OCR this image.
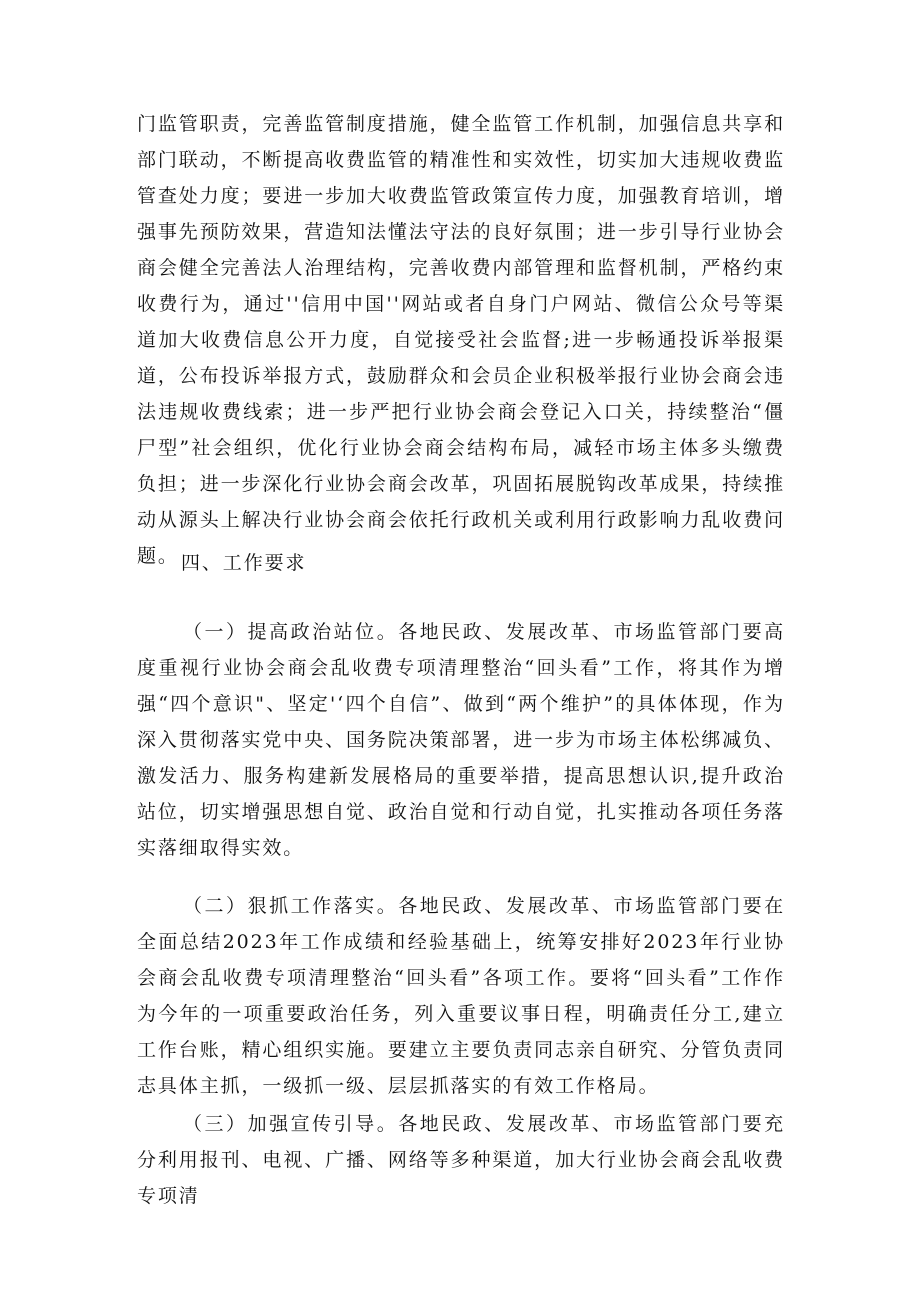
门监管职责，完善监管制度措施，健全监管工作机制，加强信息共享和部门联动，不断提高收费监管的精准性和实效性，切实加大违规收费监管查处力度；要进一步加大收费监管政策宣传力度，加强教育培训，增强事先预防效果，营造知法懂法守法的良好氛围；进一步引导行业协会商会健全完善法人治理结构，完善收费内部管理和监督机制，严格约束收费行为，通过''信用中国''网站或者自身门户网站、微信公众号等渠道加大收费信息公开力度，自觉接受社会监督;进一步畅通投诉举报渠道，公布投诉举报方式，鼓励群众和会员企业积极举报行业协会商会违法违规收费线索；进一步严把行业协会商会登记入口关，持续整治“僵尸型”社会组织，优化行业协会商会结构布局，减轻市场主体多头缴费负担；进一步深化行业协会商会改革，巩固拓展脱钩改革成果，持续推动从源头上解决行业协会商会依托行政机关或利用行政影响力乱收费问题。 四、工作要求

（一）提高政治站位。各地民政、发展改革、市场监管部门要高度重视行业协会商会乱收费专项清理整治“回头看”工作，将其作为增强“四个意识"、坚定'‘四个自信”、做到“两个维护”的具体体现，作为深入贯彻落实党中央、国务院决策部署，进一步为市场主体松绑减负、激发活力、服务构建新发展格局的重要举措，提高思想认识,提升政治站位，切实增强思想自觉、政治自觉和行动自觉，扎实推动各项任务落实落细取得实效。

（二）狠抓工作落实。各地民政、发展改革、市场监管部门要在全面总结2023年工作成绩和经验基础上，统筹安排好2023年行业协会商会乱收费专项清理整治“回头看”各项工作。要将“回头看”工作作为今年的一项重要政治任务，列入重要议事日程，明确责任分工,建立工作台账，精心组织实施。要建立主要负责同志亲自研究、分管负责同志具体主抓，一级抓一级、层层抓落实的有效工作格局。

（三）加强宣传引导。各地民政、发展改革、市场监管部门要充分利用报刊、电视、广播、网络等多种渠道，加大行业协会商会乱收费专项清
